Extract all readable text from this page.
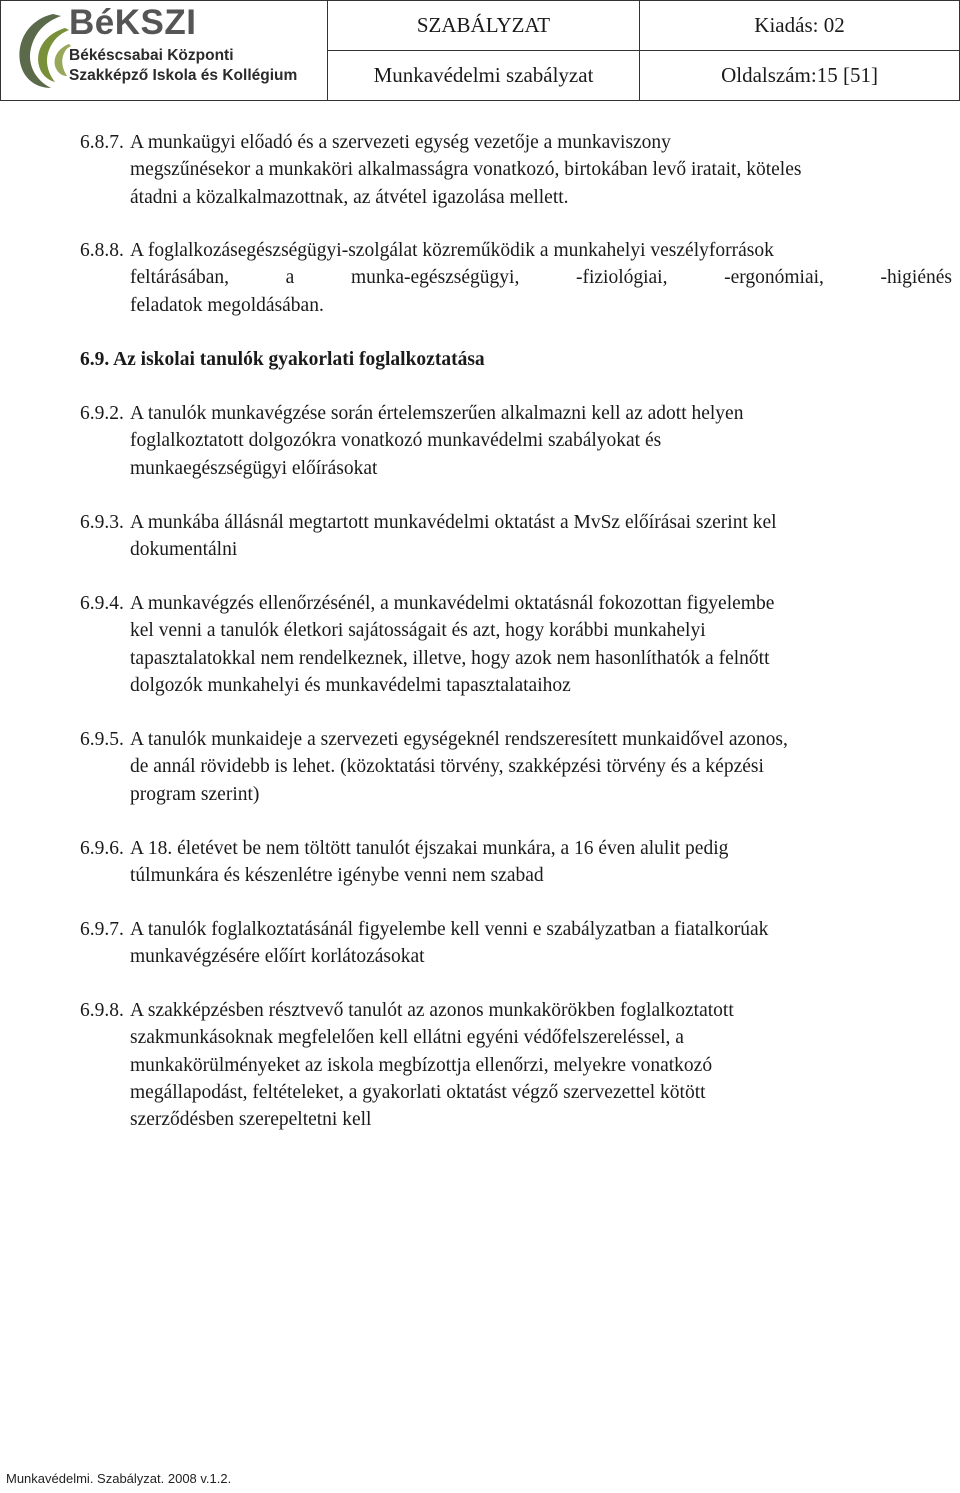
BéKSZI
Békéscsabai Központi
Szakképző Iskola és Kollégium
SZABÁLYZAT	Kiadás: 02
Munkavédelmi szabályzat	Oldalszám:15 [51]
6.8.7. A munkaügyi előadó és a szervezeti egység vezetője a munkaviszony
megszűnésekor a munkaköri alkalmasságra vonatkozó, birtokában levő iratait, köteles
átadni a közalkalmazottnak, az átvétel igazolása mellett.
6.8.8. A foglalkozásegészségügyi-szolgálat közreműködik a munkahelyi veszélyforrások
feltárásában, a munka-egészségügyi, -fiziológiai, -ergonómiai, -higiénés
feladatok megoldásában.
6.9. Az iskolai tanulók gyakorlati foglalkoztatása
6.9.2. A tanulók munkavégzése során értelemszerűen alkalmazni kell az adott helyen
foglalkoztatott dolgozókra vonatkozó munkavédelmi szabályokat és
munkaegészségügyi előírásokat
6.9.3. A munkába állásnál megtartott munkavédelmi oktatást a MvSz előírásai szerint kel
dokumentálni
6.9.4. A munkavégzés ellenőrzésénél, a munkavédelmi oktatásnál fokozottan figyelembe
kel venni a tanulók életkori sajátosságait és azt, hogy korábbi munkahelyi
tapasztalatokkal nem rendelkeznek, illetve, hogy azok nem hasonlíthatók a felnőtt
dolgozók munkahelyi és munkavédelmi tapasztalataihoz
6.9.5. A tanulók munkaideje a szervezeti egységeknél rendszeresített munkaidővel azonos,
de annál rövidebb is lehet. (közoktatási törvény, szakképzési törvény és a képzési
program szerint)
6.9.6. A 18. életévet be nem töltött tanulót éjszakai munkára, a 16 éven alulit pedig
túlmunkára és készenlétre igénybe venni nem szabad
6.9.7. A tanulók foglalkoztatásánál figyelembe kell venni e szabályzatban a fiatalkorúak
munkavégzésére előírt korlátozásokat
6.9.8. A szakképzésben résztvevő tanulót az azonos munkakörökben foglalkoztatott
szakmunkásoknak megfelelően kell ellátni egyéni védőfelszereléssel, a
munkakörülményeket az iskola megbízottja ellenőrzi, melyekre vonatkozó
megállapodást, feltételeket, a gyakorlati oktatást végző szervezettel kötött
szerződésben szerepeltetni kell
Munkavédelmi. Szabályzat. 2008 v.1.2.
